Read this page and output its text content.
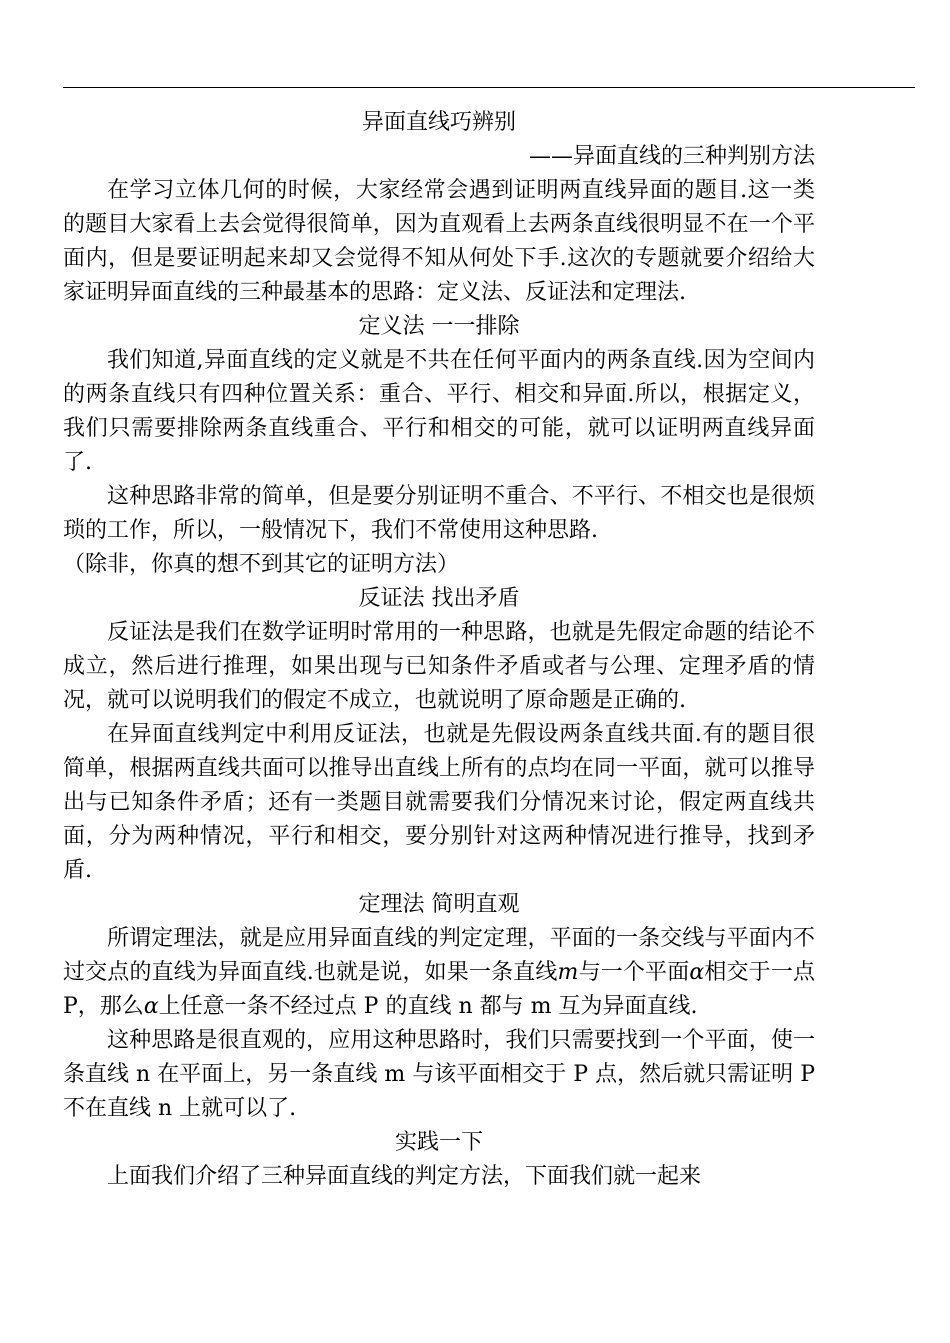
异面直线巧辨别
——异面直线的三种判别方法
在学习立体几何的时候，大家经常会遇到证明两直线异面的题目.这一类的题目大家看上去会觉得很简单，因为直观看上去两条直线很明显不在一个平面内，但是要证明起来却又会觉得不知从何处下手.这次的专题就要介绍给大家证明异面直线的三种最基本的思路：定义法、反证法和定理法.
定义法 一一排除
我们知道,异面直线的定义就是不共在任何平面内的两条直线.因为空间内的两条直线只有四种位置关系：重合、平行、相交和异面.所以，根据定义，我们只需要排除两条直线重合、平行和相交的可能，就可以证明两直线异面了.
这种思路非常的简单，但是要分别证明不重合、不平行、不相交也是很烦琐的工作，所以，一般情况下，我们不常使用这种思路.
（除非，你真的想不到其它的证明方法）
反证法 找出矛盾
反证法是我们在数学证明时常用的一种思路，也就是先假定命题的结论不成立，然后进行推理，如果出现与已知条件矛盾或者与公理、定理矛盾的情况，就可以说明我们的假定不成立，也就说明了原命题是正确的.
在异面直线判定中利用反证法，也就是先假设两条直线共面.有的题目很简单，根据两直线共面可以推导出直线上所有的点均在同一平面，就可以推导出与已知条件矛盾；还有一类题目就需要我们分情况来讨论，假定两直线共面，分为两种情况，平行和相交，要分别针对这两种情况进行推导，找到矛盾.
定理法 简明直观
所谓定理法，就是应用异面直线的判定定理，平面的一条交线与平面内不过交点的直线为异面直线.也就是说，如果一条直线m与一个平面α相交于一点 P，那么α上任意一条不经过点 P 的直线 n 都与 m 互为异面直线.
这种思路是很直观的，应用这种思路时，我们只需要找到一个平面，使一条直线 n 在平面上，另一条直线 m 与该平面相交于 P 点，然后就只需证明 P 不在直线 n 上就可以了.
实践一下
上面我们介绍了三种异面直线的判定方法，下面我们就一起来
